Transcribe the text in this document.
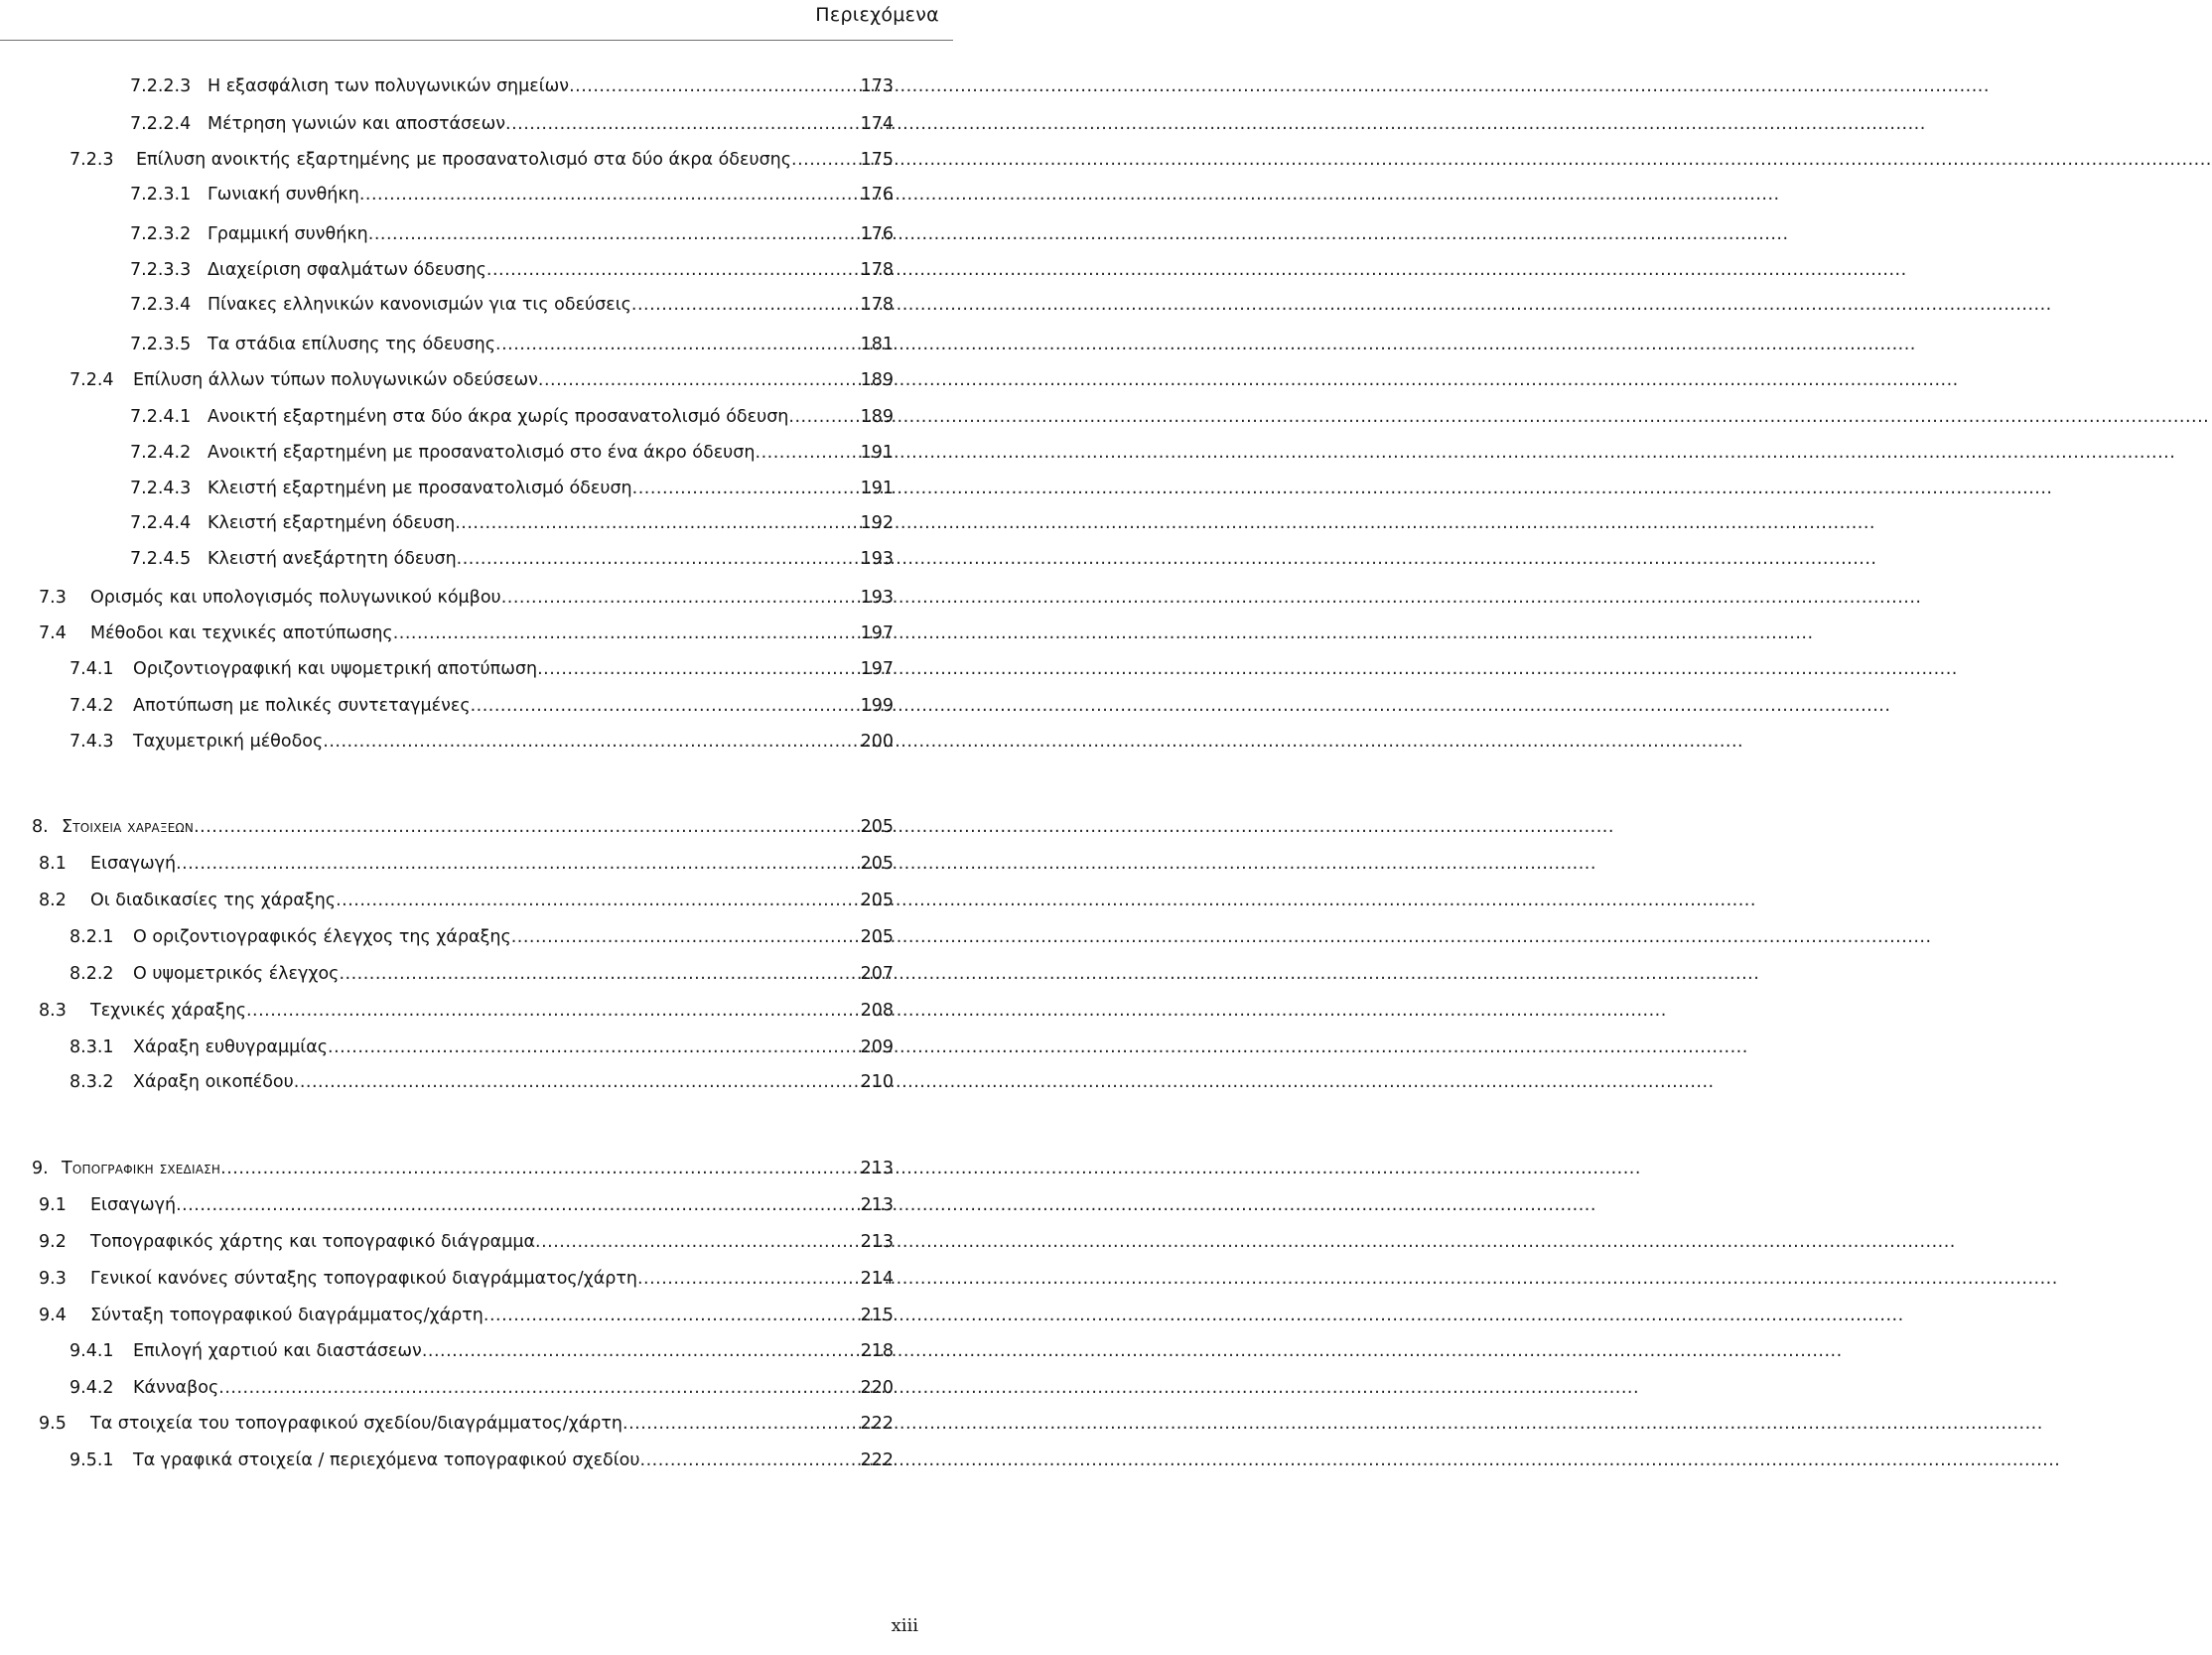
Περιεχόμενα
7.2.2.3 Η εξασφάλιση των πολυγωνικών σημείων .....	173
7.2.2.4 Μέτρηση γωνιών και αποστάσεων .....	174
7.2.3	Επίλυση ανοικτής εξαρτημένης με προσανατολισμό στα δύο άκρα όδευσης .....	175
7.2.3.1 Γωνιακή συνθήκη .....	176
7.2.3.2 Γραμμική συνθήκη .....	176
7.2.3.3 Διαχείριση σφαλμάτων όδευσης .....	178
7.2.3.4 Πίνακες ελληνικών κανονισμών για τις οδεύσεις .....	178
7.2.3.5 Τα στάδια επίλυσης της όδευσης .....	181
7.2.4	Επίλυση άλλων τύπων πολυγωνικών οδεύσεων .....	189
7.2.4.1 Ανοικτή εξαρτημένη στα δύο άκρα χωρίς προσανατολισμό όδευση .....	189
7.2.4.2 Ανοικτή εξαρτημένη με προσανατολισμό στο ένα άκρο όδευση .....	191
7.2.4.3 Κλειστή εξαρτημένη με προσανατολισμό όδευση .....	191
7.2.4.4 Κλειστή εξαρτημένη όδευση .....	192
7.2.4.5 Κλειστή ανεξάρτητη όδευση .....	193
7.3	Ορισμός και υπολογισμός πολυγωνικού κόμβου .....	193
7.4	Μέθοδοι και τεχνικές αποτύπωσης .....	197
7.4.1	Οριζοντιογραφική και υψομετρική αποτύπωση .....	197
7.4.2	Αποτύπωση με πολικές συντεταγμένες .....	199
7.4.3	Ταχυμετρική μέθοδος .....	200
8. Στοιχεια χαραξεων .....	205
8.1	Εισαγωγή .....	205
8.2	Οι διαδικασίες της χάραξης .....	205
8.2.1	Ο οριζοντιογραφικός έλεγχος της χάραξης .....	205
8.2.2	Ο υψομετρικός έλεγχος .....	207
8.3	Τεχνικές χάραξης .....	208
8.3.1	Χάραξη ευθυγραμμίας .....	209
8.3.2	Χάραξη οικοπέδου .....	210
9. Τοπογραφικη σχεδιαση .....	213
9.1	Εισαγωγή .....	213
9.2	Τοπογραφικός χάρτης και τοπογραφικό διάγραμμα .....	213
9.3	Γενικοί κανόνες σύνταξης τοπογραφικού διαγράμματος/χάρτη .....	214
9.4	Σύνταξη τοπογραφικού διαγράμματος/χάρτη .....	215
9.4.1	Επιλογή χαρτιού και διαστάσεων .....	218
9.4.2	Κάνναβος .....	220
9.5	Τα στοιχεία του τοπογραφικού σχεδίου/διαγράμματος/χάρτη .....	222
9.5.1	Τα γραφικά στοιχεία / περιεχόμενα τοπογραφικού σχεδίου .....	222
xiii
